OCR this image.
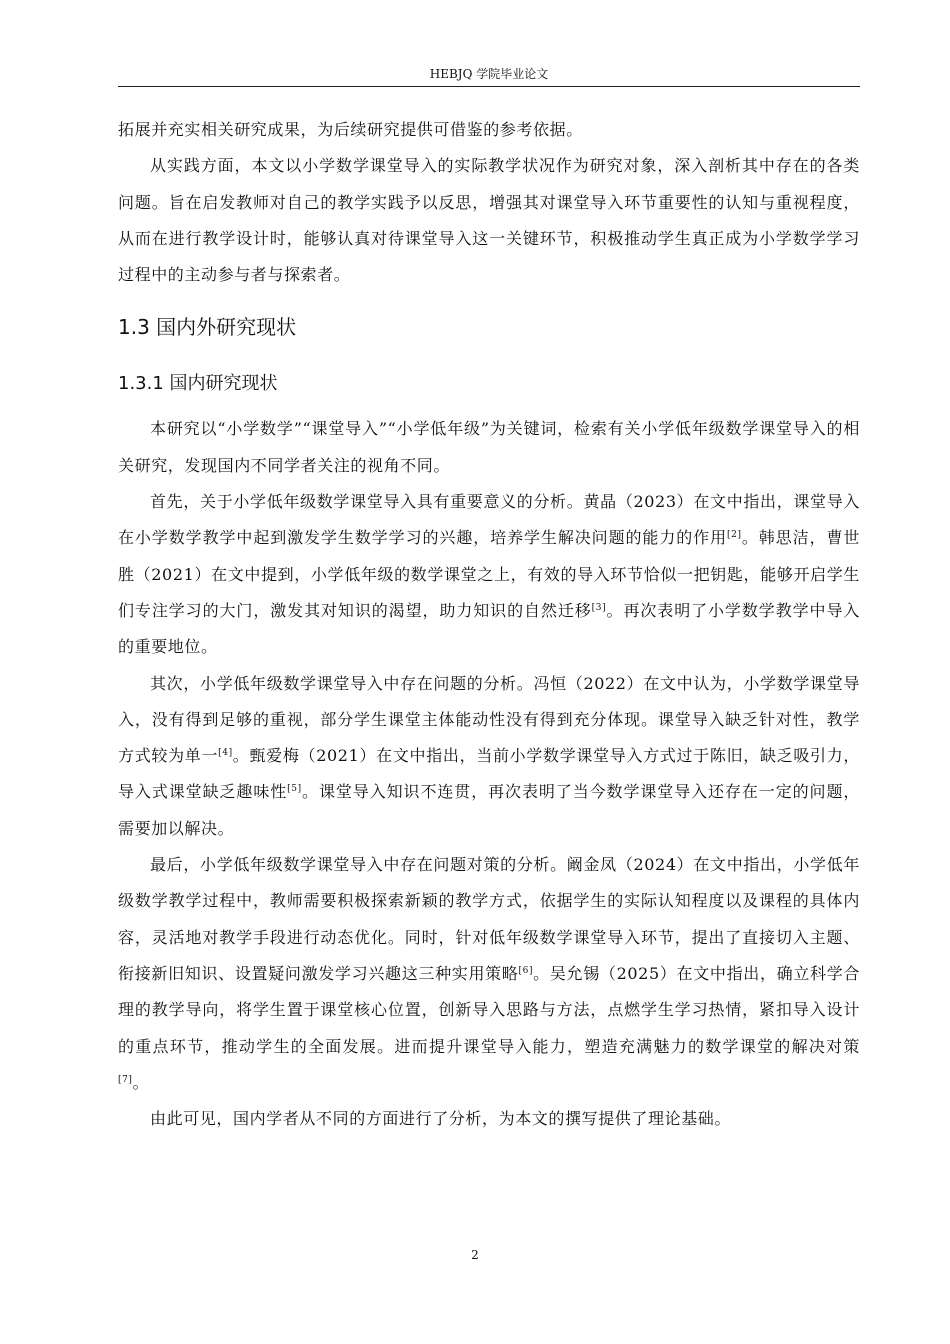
HEBJQ 学院毕业论文

拓展并充实相关研究成果，为后续研究提供可借鉴的参考依据。

从实践方面，本文以小学数学课堂导入的实际教学状况作为研究对象，深入剖析其中存在的各类问题。旨在启发教师对自己的教学实践予以反思，增强其对课堂导入环节重要性的认知与重视程度，从而在进行教学设计时，能够认真对待课堂导入这一关键环节，积极推动学生真正成为小学数学学习过程中的主动参与者与探索者。

1.3 国内外研究现状
1.3.1 国内研究现状

本研究以“小学数学”“课堂导入”“小学低年级”为关键词，检索有关小学低年级数学课堂导入的相关研究，发现国内不同学者关注的视角不同。

首先，关于小学低年级数学课堂导入具有重要意义的分析。黄晶（2023）在文中指出，课堂导入在小学数学教学中起到激发学生数学学习的兴趣，培养学生解决问题的能力的作用[2]。韩思洁，曹世胜（2021）在文中提到，小学低年级的数学课堂之上，有效的导入环节恰似一把钥匙，能够开启学生们专注学习的大门，激发其对知识的渴望，助力知识的自然迁移[3]。再次表明了小学数学教学中导入的重要地位。

其次，小学低年级数学课堂导入中存在问题的分析。冯恒（2022）在文中认为，小学数学课堂导入，没有得到足够的重视，部分学生课堂主体能动性没有得到充分体现。课堂导入缺乏针对性，教学方式较为单一[4]。甄爱梅（2021）在文中指出，当前小学数学课堂导入方式过于陈旧，缺乏吸引力，导入式课堂缺乏趣味性[5]。课堂导入知识不连贯，再次表明了当今数学课堂导入还存在一定的问题，需要加以解决。

最后，小学低年级数学课堂导入中存在问题对策的分析。阚金凤（2024）在文中指出，小学低年级数学教学过程中，教师需要积极探索新颖的教学方式，依据学生的实际认知程度以及课程的具体内容，灵活地对教学手段进行动态优化。同时，针对低年级数学课堂导入环节，提出了直接切入主题、衔接新旧知识、设置疑问激发学习兴趣这三种实用策略[6]。吴允锡（2025）在文中指出，确立科学合理的教学导向，将学生置于课堂核心位置，创新导入思路与方法，点燃学生学习热情，紧扣导入设计的重点环节，推动学生的全面发展。进而提升课堂导入能力，塑造充满魅力的数学课堂的解决对策[7]。

由此可见，国内学者从不同的方面进行了分析，为本文的撰写提供了理论基础。

2
